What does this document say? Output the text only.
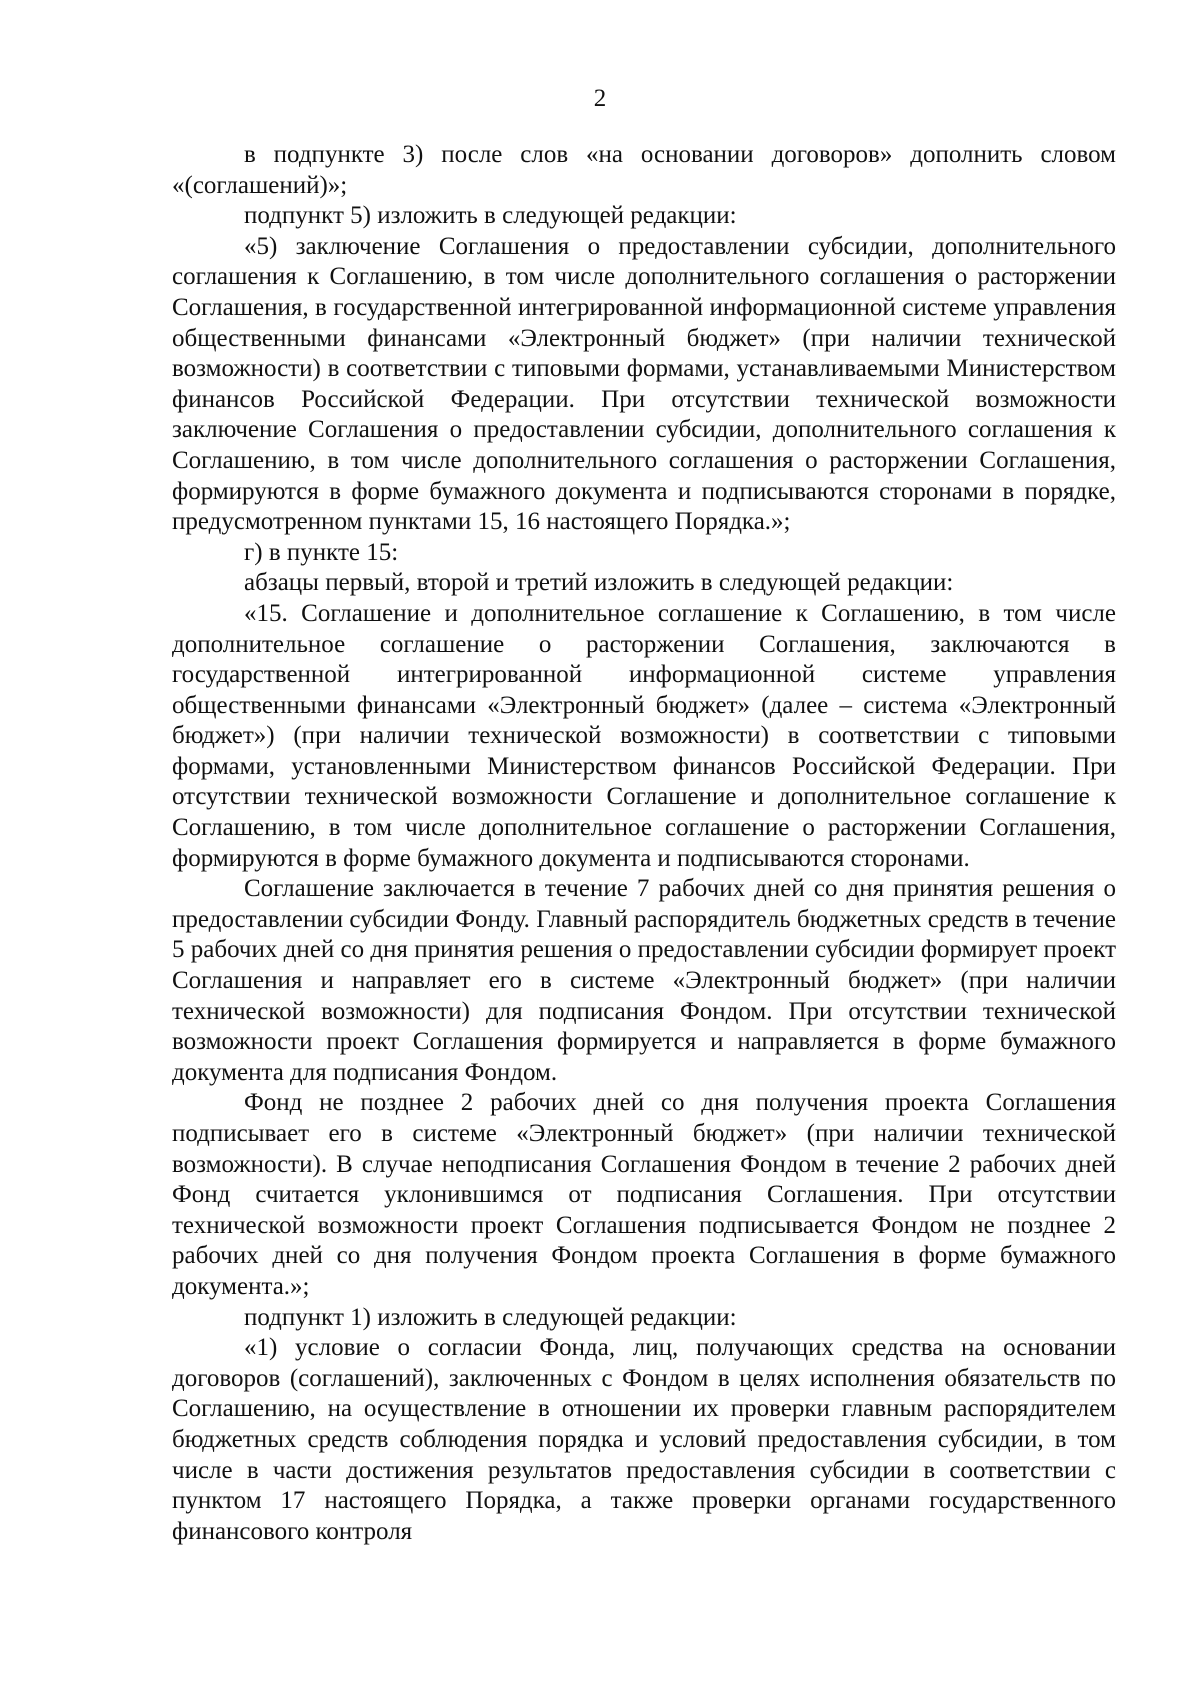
2

в подпункте 3) после слов «на основании договоров» дополнить словом «(соглашений)»;

подпункт 5) изложить в следующей редакции:

«5) заключение Соглашения о предоставлении субсидии, дополнительного соглашения к Соглашению, в том числе дополнительного соглашения о расторжении Соглашения, в государственной интегрированной информационной системе управления общественными финансами «Электронный бюджет» (при наличии технической возможности) в соответствии с типовыми формами, устанавливаемыми Министерством финансов Российской Федерации. При отсутствии технической возможности заключение Соглашения о предоставлении субсидии, дополнительного соглашения к Соглашению, в том числе дополнительного соглашения о расторжении Соглашения, формируются в форме бумажного документа и подписываются сторонами в порядке, предусмотренном пунктами 15, 16 настоящего Порядка.»;

г) в пункте 15:

абзацы первый, второй и третий изложить в следующей редакции:

«15. Соглашение и дополнительное соглашение к Соглашению, в том числе дополнительное соглашение о расторжении Соглашения, заключаются в государственной интегрированной информационной системе управления общественными финансами «Электронный бюджет» (далее – система «Электронный бюджет») (при наличии технической возможности) в соответствии с типовыми формами, установленными Министерством финансов Российской Федерации. При отсутствии технической возможности Соглашение и дополнительное соглашение к Соглашению, в том числе дополнительное соглашение о расторжении Соглашения, формируются в форме бумажного документа и подписываются сторонами.

Соглашение заключается в течение 7 рабочих дней со дня принятия решения о предоставлении субсидии Фонду. Главный распорядитель бюджетных средств в течение 5 рабочих дней со дня принятия решения о предоставлении субсидии формирует проект Соглашения и направляет его в системе «Электронный бюджет» (при наличии технической возможности) для подписания Фондом. При отсутствии технической возможности проект Соглашения формируется и направляется в форме бумажного документа для подписания Фондом.

Фонд не позднее 2 рабочих дней со дня получения проекта Соглашения подписывает его в системе «Электронный бюджет» (при наличии технической возможности). В случае неподписания Соглашения Фондом в течение 2 рабочих дней Фонд считается уклонившимся от подписания Соглашения. При отсутствии технической возможности проект Соглашения подписывается Фондом не позднее 2 рабочих дней со дня получения Фондом проекта Соглашения в форме бумажного документа.»;

подпункт 1) изложить в следующей редакции:

«1) условие о согласии Фонда, лиц, получающих средства на основании договоров (соглашений), заключенных с Фондом в целях исполнения обязательств по Соглашению, на осуществление в отношении их проверки главным распорядителем бюджетных средств соблюдения порядка и условий предоставления субсидии, в том числе в части достижения результатов предоставления субсидии в соответствии с пунктом 17 настоящего Порядка, а также проверки органами государственного финансового контроля
